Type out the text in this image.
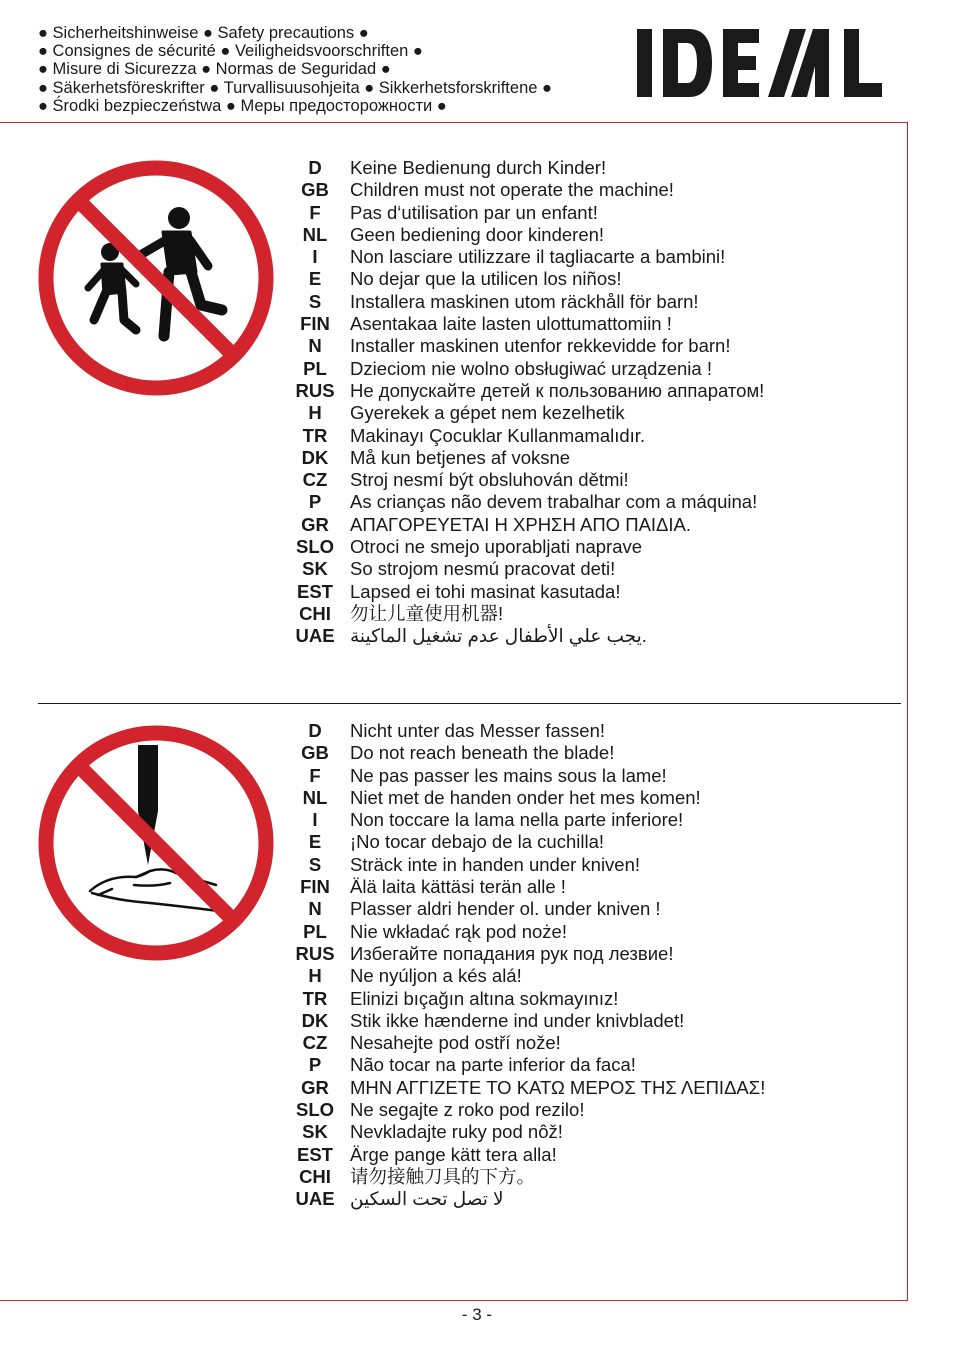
● Sicherheitshinweise ● Safety precautions ●
● Consignes de sécurité ● Veiligheidsvoorschriften ●
● Misure di Sicurezza ● Normas de Seguridad ●
● Säkerhetsföreskrifter ● Turvallisuusohjeita ● Sikkerhetsforskriftene ●
● Środki bezpieczeństwa ● Меры предосторожности ●
D	Keine Bedienung durch Kinder!
GB	Children must not operate the machine!
F	Pas d‘utilisation par un enfant!
NL	Geen bediening door kinderen!
I	Non lasciare utilizzare il tagliacarte a bambini!
E	No dejar que la utilicen los niños!
S	Installera maskinen utom räckhåll för barn!
FIN	Asentakaa laite lasten ulottumattomiin !
N	Installer maskinen utenfor rekkevidde for barn!
PL	Dzieciom nie wolno obsługiwać urządzenia !
RUS	Не допускайте детей к пользованию аппаратом!
H	Gyerekek a gépet nem kezelhetik
TR	Makinayı Çocuklar Kullanmamalıdır.
DK	Må kun betjenes af voksne
CZ	Stroj nesmí být obsluhován dětmi!
P	As crianças não devem trabalhar com a máquina!
GR	ΑΠΑΓΟΡΕΥΕΤΑΙ Η ΧΡΗΣΗ ΑΠΟ ΠΑΙΔΙΑ.
SLO	Otroci ne smejo uporabljati naprave
SK	So strojom nesmú pracovat deti!
EST	Lapsed ei tohi masinat kasutada!
CHI	勿让儿童使用机器!
UAE	يجب علي الأطفال عدم تشغيل الماكينة.
D	Nicht unter das Messer fassen!
GB	Do not reach beneath the blade!
F	Ne pas passer les mains sous la lame!
NL	Niet met de handen onder het mes komen!
I	Non toccare la lama nella parte inferiore!
E	¡No tocar debajo de la cuchilla!
S	Sträck inte in handen under kniven!
FIN	Älä laita kättäsi terän alle !
N	Plasser aldri hender ol. under kniven !
PL	Nie wkładać rąk pod noże!
RUS	Избегайте попадания рук под лезвие!
H	Ne nyúljon a kés alá!
TR	Elinizi bıçağın altına sokmayınız!
DK	Stik ikke hænderne ind under knivbladet!
CZ	Nesahejte pod ostří nože!
P	Não tocar na parte inferior da faca!
GR	ΜΗΝ ΑΓΓΙΖΕΤΕ ΤΟ ΚΑΤΩ ΜΕΡΟΣ ΤΗΣ ΛΕΠΙΔΑΣ!
SLO	Ne segajte z roko pod rezilo!
SK	Nevkladajte ruky pod nôž!
EST	Ärge pange kätt tera alla!
CHI	请勿接触刀具的下方。
UAE	لا تصل تحت السكين
- 3 -
